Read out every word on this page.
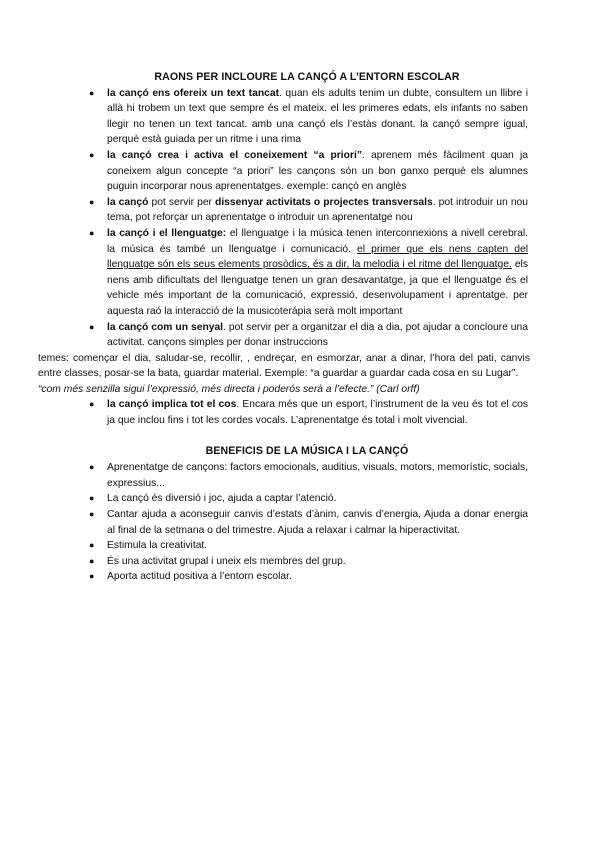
RAONS PER INCLOURE LA CANÇÓ A L’ENTORN ESCOLAR
● la cançó ens ofereix un text tancat. quan els adults tenim un dubte, consultem un llibre i allà hi trobem un text que sempre és el mateix. el les primeres edats, els infants no saben llegir no tenen un text tancat. amb una cançó els l’estàs donant. la cançó sempre igual, perquè està guiada per un ritme i una rima
● la cançó crea i activa el coneixement “a priori”. aprenem més fàcilment quan ja coneixem algun concepte “a priori” les cançons són un bon ganxo perquè els alumnes puguin incorporar nous aprenentatges. exemple: cançó en anglès
● la cançó pot servir per dissenyar activitats o projectes transversals. pot introduir un nou tema, pot reforçar un aprenentatge o introduir un aprenentatge nou
● la cançó i el llenguatge: el llenguatge i la música tenen interconnexions a nivell cerebral. la música és també un llenguatge i comunicació. el primer que els nens capten del llenguatge són els seus elements prosòdics, és a dir, la melodia i el ritme del llenguatge. els nens amb dificultats del llenguatge tenen un gran desavantatge, ja que el llenguatge és el vehicle més important de la comunicació, expressió, desenvolupament i aprentatge. per aquesta raó la interacció de la musicoterápia serà molt important
● la cançó com un senyal. pot servir per a organitzar el dia a dia, pot ajudar a concloure una activitat. cançons simples per donar instruccions
temes: començar el dia, saludar-se, recollir, , endreçar, en esmorzar, anar a dinar, l’hora del pati, canvis entre classes, posar-se la bata, guardar material. Exemple: “a guardar a guardar cada cosa en su Lugar”.
“com més senzilla sigui l’expressió, més directa i poderós serà a l’efecte.” (Carl orff)
● la cançó implica tot el cos. Encara més que un esport, l’instrument de la veu és tot el cos ja que inclou fins i tot les cordes vocals. L’aprenentatge és total i molt vivencial.
BENEFICIS DE LA MÚSICA I LA CANÇÓ
● Aprenentatge de cançons: factors emocionals, auditius, visuals, motors, memorístic, socials, expressius...
● La cançó és diversió i joc, ajuda a captar l’atenció.
● Cantar ajuda a aconseguir canvis d’estats d’ànim, canvis d’energia, Ajuda a donar energia al final de la setmana o del trimestre. Ajuda a relaxar i calmar la hiperactivitat.
● Estimula la creativitat.
● És una activitat grupal i uneix els membres del grup.
● Aporta actitud positiva a l’entorn escolar.
